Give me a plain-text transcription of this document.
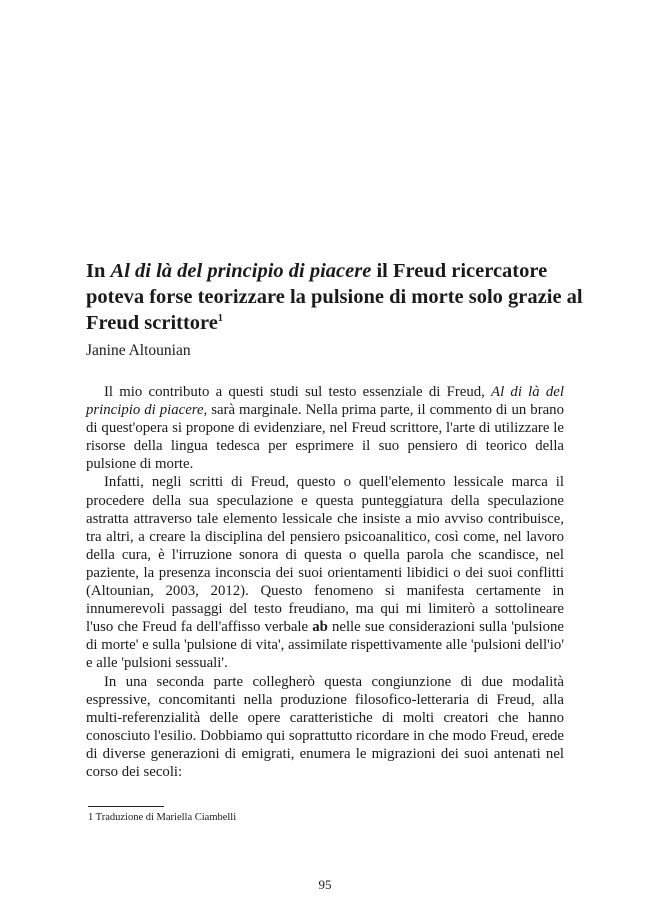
In Al di là del principio di piacere il Freud ricercatore poteva forse teorizzare la pulsione di morte solo grazie al Freud scrittore$^1$

Janine Altounian

Il mio contributo a questi studi sul testo essenziale di Freud, Al di là del principio di piacere, sarà marginale. Nella prima parte, il commento di un brano di quest'opera si propone di evidenziare, nel Freud scrittore, l'arte di utilizzare le risorse della lingua tedesca per esprimere il suo pensiero di teorico della pulsione di morte.

Infatti, negli scritti di Freud, questo o quell'elemento lessicale marca il procedere della sua speculazione e questa punteggiatura della speculazione astratta attraverso tale elemento lessicale che insiste a mio avviso contribuisce, tra altri, a creare la disciplina del pensiero psicoanalitico, così come, nel lavoro della cura, è l'irruzione sonora di questa o quella parola che scandisce, nel paziente, la presenza inconscia dei suoi orientamenti libidici o dei suoi conflitti (Altounian, 2003, 2012). Questo fenomeno si manifesta certamente in innumerevoli passaggi del testo freudiano, ma qui mi limiterò a sottolineare l'uso che Freud fa dell'affisso verbale ab nelle sue considerazioni sulla 'pulsione di morte' e sulla 'pulsione di vita', assimilate rispettivamente alle 'pulsioni dell'io' e alle 'pulsioni sessuali'.

In una seconda parte collegherò questa congiunzione di due modalità espressive, concomitanti nella produzione filosofico-letteraria di Freud, alla multi-referenzialità delle opere caratteristiche di molti creatori che hanno conosciuto l'esilio. Dobbiamo qui soprattutto ricordare in che modo Freud, erede di diverse generazioni di emigrati, enumera le migrazioni dei suoi antenati nel corso dei secoli:

1 Traduzione di Mariella Ciambelli

95
